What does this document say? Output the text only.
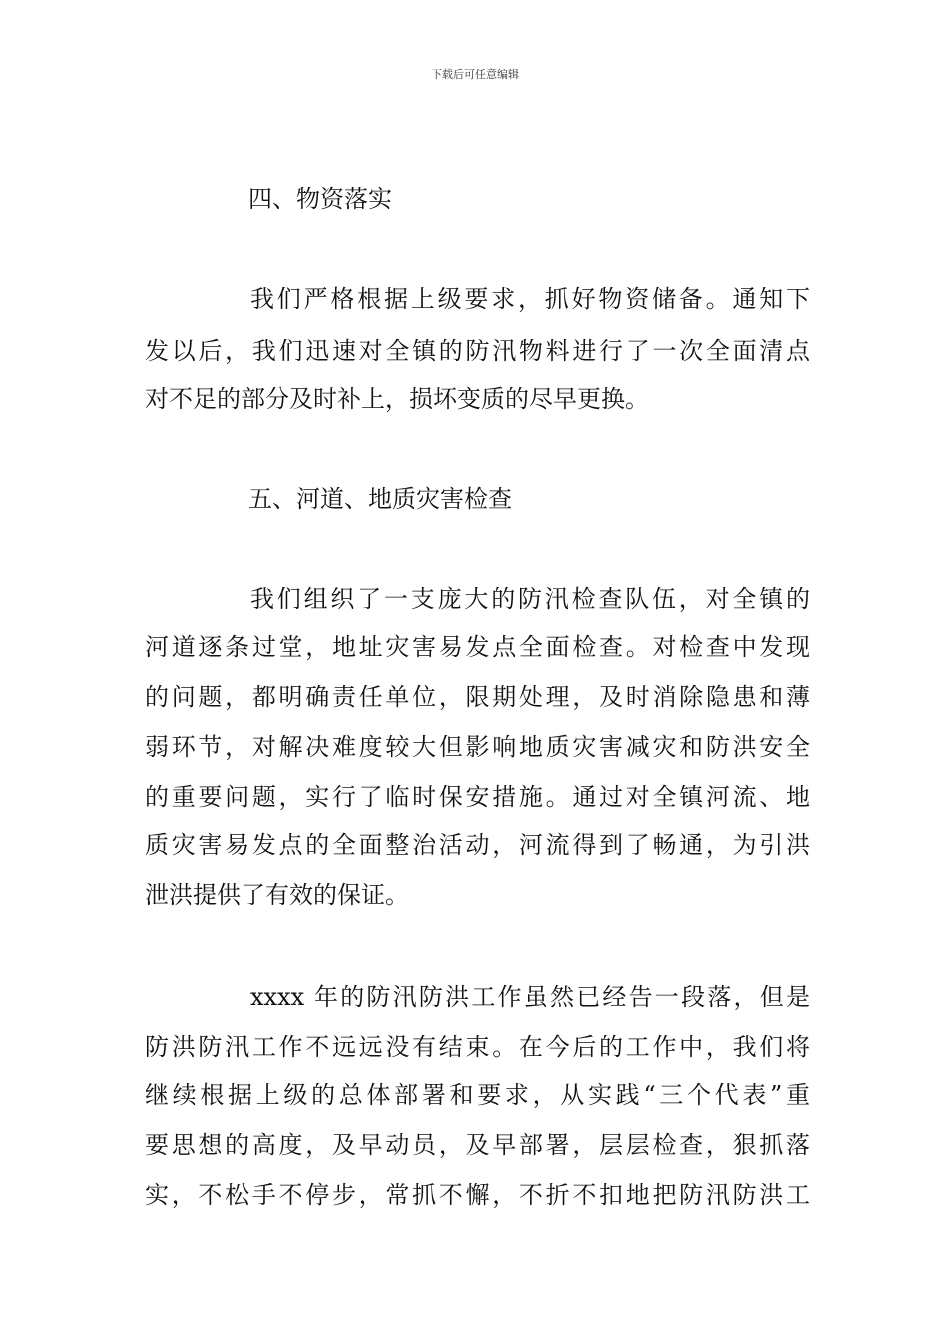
下载后可任意编辑
四、物资落实
我们严格根据上级要求，抓好物资储备。通知下
发以后，我们迅速对全镇的防汛物料进行了一次全面清点
对不足的部分及时补上，损坏变质的尽早更换。
五、河道、地质灾害检查
我们组织了一支庞大的防汛检查队伍，对全镇的
河道逐条过堂，地址灾害易发点全面检查。对检查中发现
的问题，都明确责任单位，限期处理，及时消除隐患和薄
弱环节，对解决难度较大但影响地质灾害减灾和防洪安全
的重要问题，实行了临时保安措施。通过对全镇河流、地
质灾害易发点的全面整治活动，河流得到了畅通，为引洪
泄洪提供了有效的保证。
xxxx 年的防汛防洪工作虽然已经告一段落，但是
防洪防汛工作不远远没有结束。在今后的工作中，我们将
继续根据上级的总体部署和要求，从实践“三个代表”重
要思想的高度，及早动员，及早部署，层层检查，狠抓落
实，不松手不停步，常抓不懈，不折不扣地把防汛防洪工
